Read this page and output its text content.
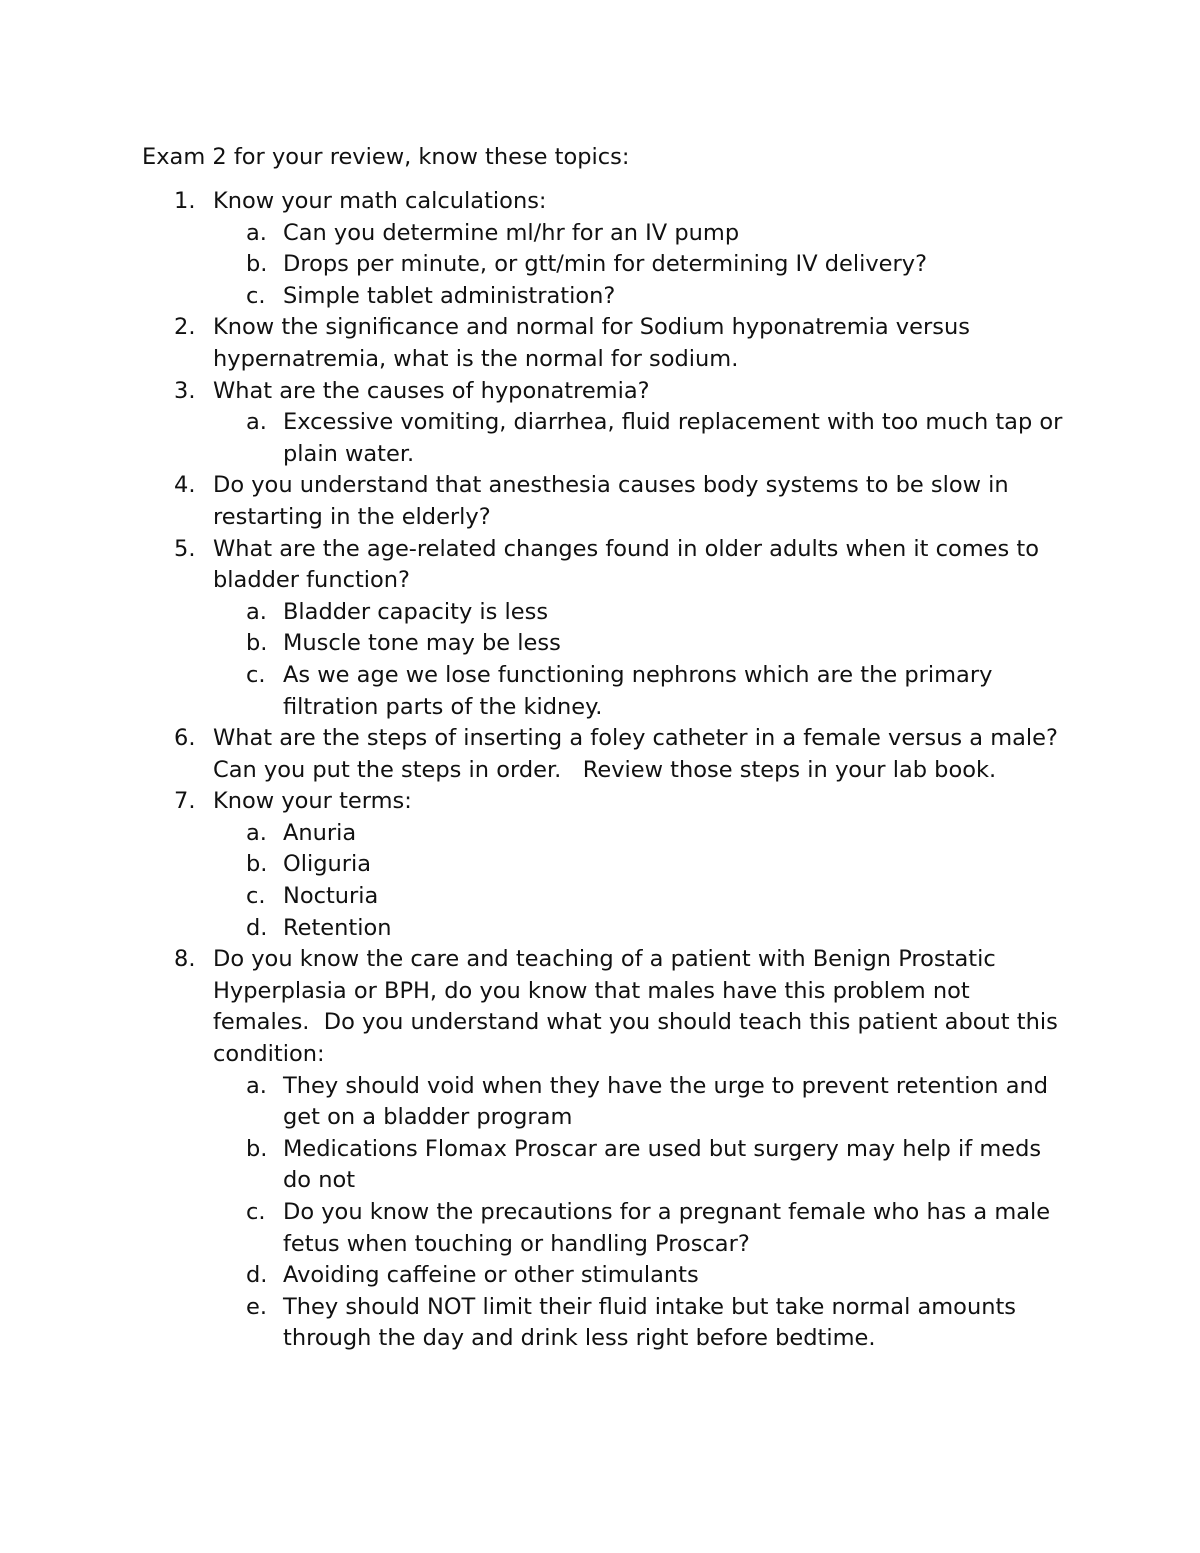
Exam 2 for your review, know these topics:
1. Know your math calculations:
a. Can you determine ml/hr for an IV pump
b. Drops per minute, or gtt/min for determining IV delivery?
c. Simple tablet administration?
2. Know the significance and normal for Sodium hyponatremia versus hypernatremia, what is the normal for sodium.
3. What are the causes of hyponatremia?
a. Excessive vomiting, diarrhea, fluid replacement with too much tap or plain water.
4. Do you understand that anesthesia causes body systems to be slow in restarting in the elderly?
5. What are the age-related changes found in older adults when it comes to bladder function?
a. Bladder capacity is less
b. Muscle tone may be less
c. As we age we lose functioning nephrons which are the primary filtration parts of the kidney.
6. What are the steps of inserting a foley catheter in a female versus a male?  Can you put the steps in order.   Review those steps in your lab book.
7. Know your terms:
a. Anuria
b. Oliguria
c. Nocturia
d. Retention
8. Do you know the care and teaching of a patient with Benign Prostatic Hyperplasia or BPH, do you know that males have this problem not females.  Do you understand what you should teach this patient about this condition:
a. They should void when they have the urge to prevent retention and get on a bladder program
b. Medications Flomax Proscar are used but surgery may help if meds do not
c. Do you know the precautions for a pregnant female who has a male fetus when touching or handling Proscar?
d. Avoiding caffeine or other stimulants
e. They should NOT limit their fluid intake but take normal amounts through the day and drink less right before bedtime.
